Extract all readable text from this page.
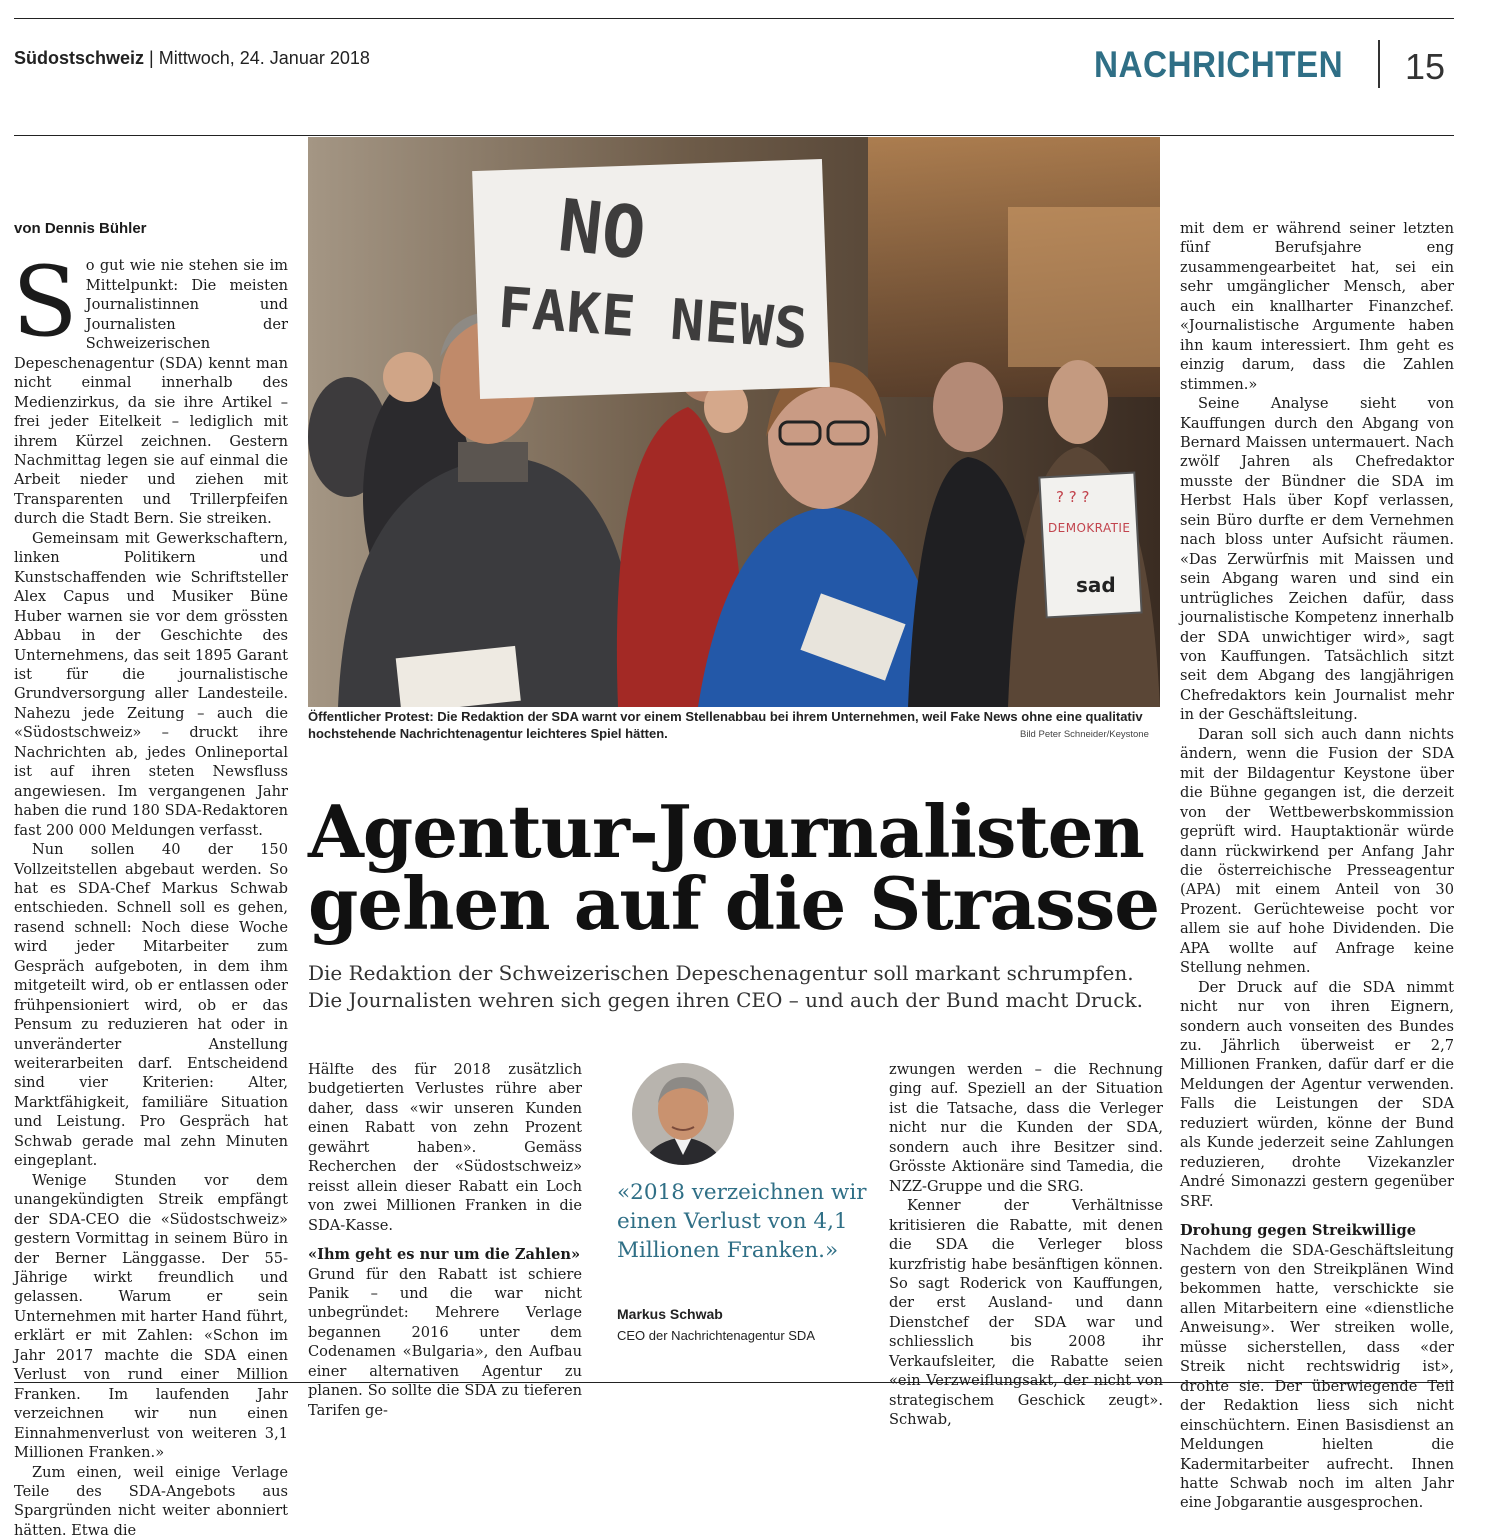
Südostschweiz | Mittwoch, 24. Januar 2018	NACHRICHTEN 15

von Dennis Bühler

So gut wie nie stehen sie im Mittelpunkt: Die meisten Journalistinnen und Journalisten der Schweizerischen Depeschenagentur (SDA) kennt man nicht einmal innerhalb des Medienzirkus, da sie ihre Artikel – frei jeder Eitelkeit – lediglich mit ihrem Kürzel zeichnen. Gestern Nachmittag legen sie auf einmal die Arbeit nieder und ziehen mit Transparenten und Trillerpfeifen durch die Stadt Bern. Sie streiken.

Gemeinsam mit Gewerkschaftern, linken Politikern und Kunstschaffenden wie Schriftsteller Alex Capus und Musiker Büne Huber warnen sie vor dem grössten Abbau in der Geschichte des Unternehmens, das seit 1895 Garant ist für die journalistische Grundversorgung aller Landesteile. Nahezu jede Zeitung – auch die «Südostschweiz» – druckt ihre Nachrichten ab, jedes Onlineportal ist auf ihren steten Newsfluss angewiesen. Im vergangenen Jahr haben die rund 180 SDA-Redaktoren fast 200 000 Meldungen verfasst.

Nun sollen 40 der 150 Vollzeitstellen abgebaut werden. So hat es SDA-Chef Markus Schwab entschieden. Schnell soll es gehen, rasend schnell: Noch diese Woche wird jeder Mitarbeiter zum Gespräch aufgeboten, in dem ihm mitgeteilt wird, ob er entlassen oder frühpensioniert wird, ob er das Pensum zu reduzieren hat oder in unveränderter Anstellung weiterarbeiten darf. Entscheidend sind vier Kriterien: Alter, Marktfähigkeit, familiäre Situation und Leistung. Pro Gespräch hat Schwab gerade mal zehn Minuten eingeplant.

Wenige Stunden vor dem unangekündigten Streik empfängt der SDA-CEO die «Südostschweiz» gestern Vormittag in seinem Büro in der Berner Länggasse. Der 55-Jährige wirkt freundlich und gelassen. Warum er sein Unternehmen mit harter Hand führt, erklärt er mit Zahlen: «Schon im Jahr 2017 machte die SDA einen Verlust von rund einer Million Franken. Im laufenden Jahr verzeichnen wir nun einen Einnahmenverlust von weiteren 3,1 Millionen Franken.»

Zum einen, weil einige Verlage Teile des SDA-Angebots aus Spargründen nicht weiter abonniert hätten. Etwa die

NO
FAKE NEWS
? ? ?
DEMOKRATIE
sad
Öffentlicher Protest: Die Redaktion der SDA warnt vor einem Stellenabbau bei ihrem Unternehmen, weil Fake News ohne eine qualitativ hochstehende Nachrichtenagentur leichteres Spiel hätten.	Bild Peter Schneider/Keystone
Agentur-Journalisten
gehen auf die Strasse
Die Redaktion der Schweizerischen Depeschenagentur soll markant schrumpfen. Die Journalisten wehren sich gegen ihren CEO – und auch der Bund macht Druck.

Hälfte des für 2018 zusätzlich budgetierten Verlustes rühre aber daher, dass «wir unseren Kunden einen Rabatt von zehn Prozent gewährt haben». Gemäss Recherchen der «Südostschweiz» reisst allein dieser Rabatt ein Loch von zwei Millionen Franken in die SDA-Kasse.

«Ihm geht es nur um die Zahlen»

Grund für den Rabatt ist schiere Panik – und die war nicht unbegründet: Mehrere Verlage begannen 2016 unter dem Codenamen «Bulgaria», den Aufbau einer alternativen Agentur zu planen. So sollte die SDA zu tieferen Tarifen ge-

«2018 verzeichnen wir einen Verlust von 4,1 Millionen Franken.»
Markus Schwab
CEO der Nachrichtenagentur SDA

zwungen werden – die Rechnung ging auf. Speziell an der Situation ist die Tatsache, dass die Verleger nicht nur die Kunden der SDA, sondern auch ihre Besitzer sind. Grösste Aktionäre sind Tamedia, die NZZ-Gruppe und die SRG.

Kenner der Verhältnisse kritisieren die Rabatte, mit denen die SDA die Verleger bloss kurzfristig habe besänftigen können. So sagt Roderick von Kauffungen, der erst Ausland- und dann Dienstchef der SDA war und schliesslich bis 2008 ihr Verkaufsleiter, die Rabatte seien «ein Verzweiflungsakt, der nicht von strategischem Geschick zeugt». Schwab,

mit dem er während seiner letzten fünf Berufsjahre eng zusammengearbeitet hat, sei ein sehr umgänglicher Mensch, aber auch ein knallharter Finanzchef. «Journalistische Argumente haben ihn kaum interessiert. Ihm geht es einzig darum, dass die Zahlen stimmen.»

Seine Analyse sieht von Kauffungen durch den Abgang von Bernard Maissen untermauert. Nach zwölf Jahren als Chefredaktor musste der Bündner die SDA im Herbst Hals über Kopf verlassen, sein Büro durfte er dem Vernehmen nach bloss unter Aufsicht räumen. «Das Zerwürfnis mit Maissen und sein Abgang waren und sind ein untrügliches Zeichen dafür, dass journalistische Kompetenz innerhalb der SDA unwichtiger wird», sagt von Kauffungen. Tatsächlich sitzt seit dem Abgang des langjährigen Chefredaktors kein Journalist mehr in der Geschäftsleitung.

Daran soll sich auch dann nichts ändern, wenn die Fusion der SDA mit der Bildagentur Keystone über die Bühne gegangen ist, die derzeit von der Wettbewerbskommission geprüft wird. Hauptaktionär würde dann rückwirkend per Anfang Jahr die österreichische Presseagentur (APA) mit einem Anteil von 30 Prozent. Gerüchteweise pocht vor allem sie auf hohe Dividenden. Die APA wollte auf Anfrage keine Stellung nehmen.

Der Druck auf die SDA nimmt nicht nur von ihren Eignern, sondern auch vonseiten des Bundes zu. Jährlich überweist er 2,7 Millionen Franken, dafür darf er die Meldungen der Agentur verwenden. Falls die Leistungen der SDA reduziert würden, könne der Bund als Kunde jederzeit seine Zahlungen reduzieren, drohte Vizekanzler André Simonazzi gestern gegenüber SRF.

Drohung gegen Streikwillige

Nachdem die SDA-Geschäftsleitung gestern von den Streikplänen Wind bekommen hatte, verschickte sie allen Mitarbeitern eine «dienstliche Anweisung». Wer streiken wolle, müsse sicherstellen, dass «der Streik nicht rechtswidrig ist», drohte sie. Der überwiegende Teil der Redaktion liess sich nicht einschüchtern. Einen Basisdienst an Meldungen hielten die Kadermitarbeiter aufrecht. Ihnen hatte Schwab noch im alten Jahr eine Jobgarantie ausgesprochen.
